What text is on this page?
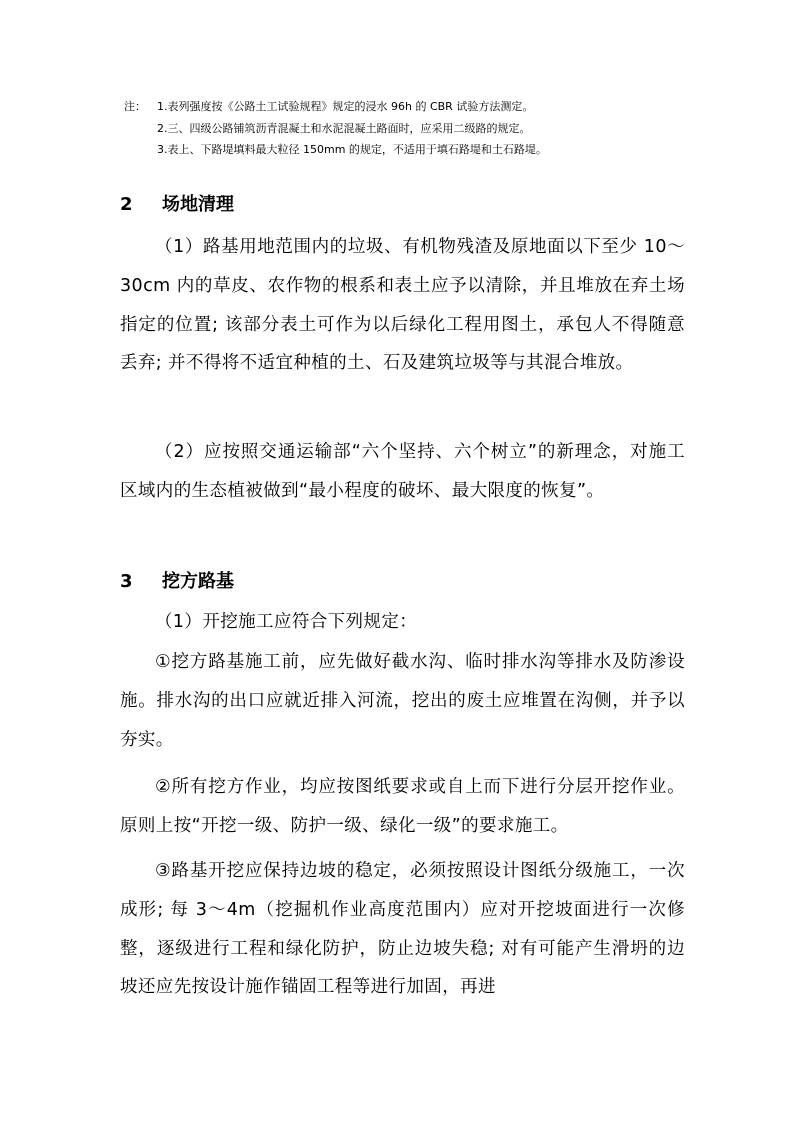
注：	1.表列强度按《公路土工试验规程》规定的浸水 96h 的 CBR 试验方法测定。
2.三、四级公路铺筑沥青混凝土和水泥混凝土路面时，应采用二级路的规定。
3.表上、下路堤填料最大粒径 150mm 的规定，不适用于填石路堤和土石路堤。
2 场地清理
（1）路基用地范围内的垃圾、有机物残渣及原地面以下至少 10～30cm 内的草皮、农作物的根系和表土应予以清除，并且堆放在弃土场指定的位置; 该部分表土可作为以后绿化工程用图土，承包人不得随意丢弃; 并不得将不适宜种植的土、石及建筑垃圾等与其混合堆放。
（2）应按照交通运输部“六个坚持、六个树立”的新理念，对施工区域内的生态植被做到“最小程度的破坏、最大限度的恢复”。
3 挖方路基
（1）开挖施工应符合下列规定：
①挖方路基施工前，应先做好截水沟、临时排水沟等排水及防渗设施。排水沟的出口应就近排入河流，挖出的废土应堆置在沟侧，并予以夯实。
②所有挖方作业，均应按图纸要求或自上而下进行分层开挖作业。原则上按“开挖一级、防护一级、绿化一级”的要求施工。
③路基开挖应保持边坡的稳定，必须按照设计图纸分级施工，一次成形; 每 3～4m（挖掘机作业高度范围内）应对开挖坡面进行一次修整，逐级进行工程和绿化防护，防止边坡失稳; 对有可能产生滑坍的边坡还应先按设计施作锚固工程等进行加固，再进
